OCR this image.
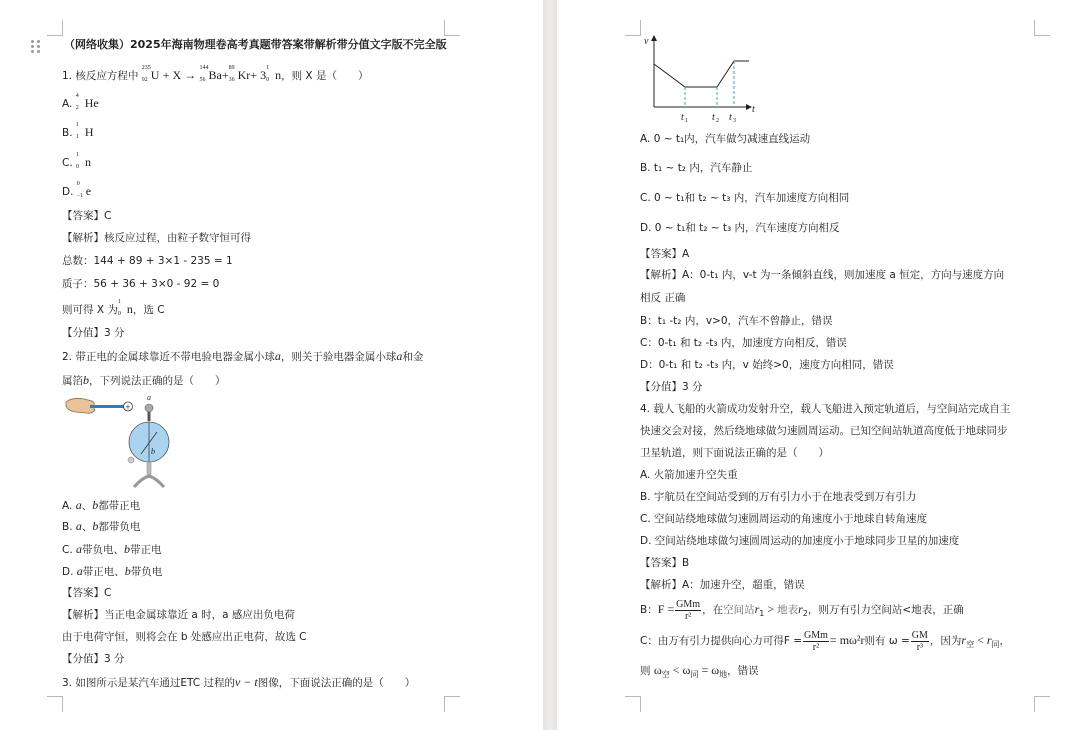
（网络收集）2025年海南物理卷高考真题带答案带解析带分值文字版不完全版
1. 核反应方程中
235
92 U + X → 144
56 Ba+ 89
36 Kr+ 3 1
0 n，则 X 是（　　）
A.
4
2 He
B.
1
1 H
C.
1
0 n
D.
0
−1 e
【答案】C
【解析】核反应过程，由粒子数守恒可得
总数：144 + 89 + 3×1 - 235 = 1
质子：56 + 36 + 3×0 - 92 = 0
则可得 X 为
1
0 n，选 C
【分值】3 分
2. 带正电的金属球靠近不带电验电器金属小球a，则关于验电器金属小球a和金
属箔b，下列说法正确的是（　　）
+
a
b
A. a、b都带正电
B. a、b都带负电
C. a带负电、b带正电
D. a带正电、b带负电
【答案】C
【解析】当正电金属球靠近 a 时，a 感应出负电荷
由于电荷守恒，则将会在 b 处感应出正电荷，故选 C
【分值】3 分
3. 如图所示是某汽车通过ETC 过程的v − t图像，下面说法正确的是（　　）
v
t
t 1 t 2 t 3
A. 0 ~ t₁内，汽车做匀减速直线运动
B. t₁ ~ t₂ 内，汽车静止
C. 0 ~ t₁和 t₂ ~ t₃ 内，汽车加速度方向相同
D. 0 ~ t₁和 t₂ ~ t₃ 内，汽车速度方向相反
【答案】A
【解析】A：0-t₁ 内，v-t 为一条倾斜直线，则加速度 a 恒定，方向与速度方向
相反 正确
B：t₁ -t₂ 内，v>0，汽车不曾静止，错误
C：0-t₁ 和 t₂ -t₃ 内，加速度方向相反，错误
D：0-t₁ 和 t₂ -t₃ 内，v 始终>0，速度方向相同，错误
【分值】3 分
4. 载人飞船的火箭成功发射升空，载人飞船进入预定轨道后，与空间站完成自主
快速交会对接，然后绕地球做匀速圆周运动。已知空间站轨道高度低于地球同步
卫星轨道，则下面说法正确的是（　　）
A. 火箭加速升空失重
B. 宇航员在空间站受到的万有引力小于在地表受到万有引力
C. 空间站绕地球做匀速圆周运动的角速度小于地球自转角速度
D. 空间站绕地球做匀速圆周运动的加速度小于地球同步卫星的加速度
【答案】B
【解析】A：加速升空，超重，错误
B：$F = \frac{\text{GMm}}{\text{r²}}$ ，在空间站$r_1$ > 地表$r_2$，则万有引力空间站<地表，正确
C：由万有引力提供向心力可得$F = \frac{\text{GMm}}{\text{r²}} = m\omega^2r$则有 $\omega = \frac{GM}{\text{r³}}$ ，因为$r_空 < r_同$，
则 $\omega_空 < \omega_同 = \omega_地$，错误
